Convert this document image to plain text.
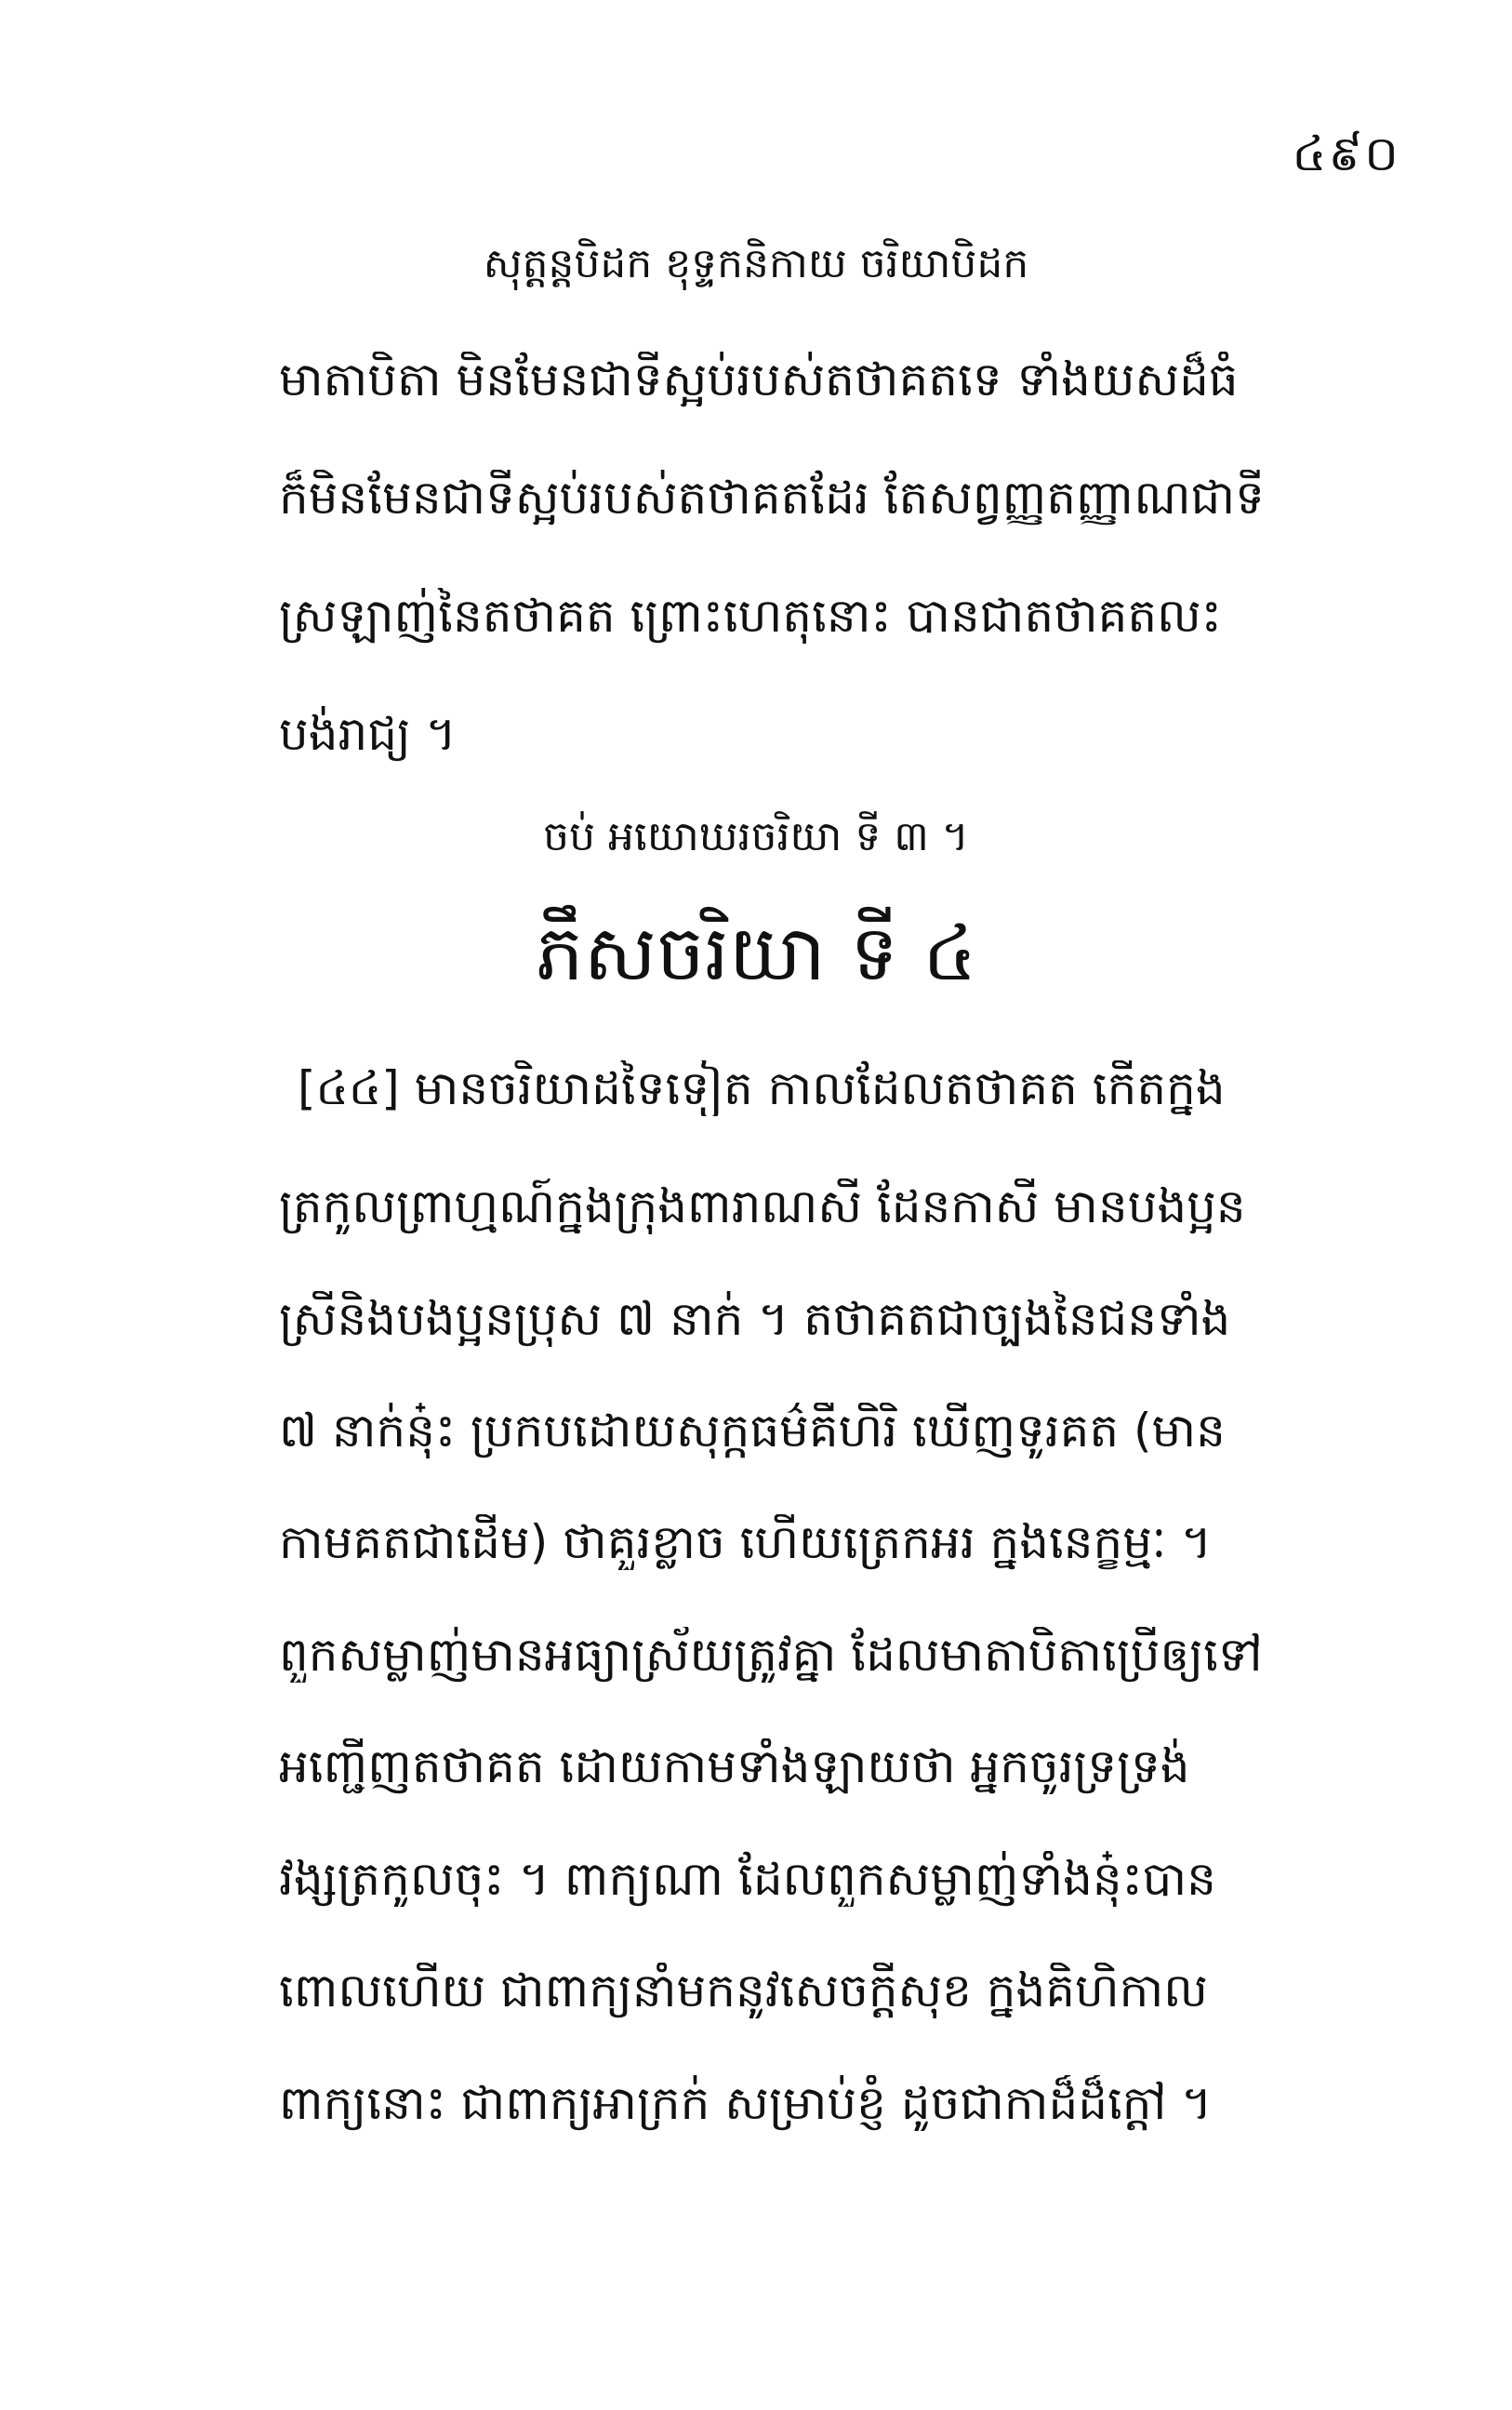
៤៩០
សុត្តន្តបិដក ខុទ្ទកនិកាយ ចរិយាបិដក
មាតាបិតា មិនមែនជាទីស្អប់របស់តថាគតទេ ទាំងយសដ៏ធំ
ក៏មិនមែនជាទីស្អប់របស់តថាគតដែរ តែសព្វញ្ញុតញ្ញាណជាទី
ស្រឡាញ់នៃតថាគត ព្រោះហេតុនោះ បានជាតថាគតលះ
បង់រាជ្យ ។
ចប់ អយោឃរចរិយា ទី ៣ ។
ភឹសចរិយា ទី ៤
[៤៤] មានចរិយាដទៃទៀត កាលដែលតថាគត កើតក្នុង
ត្រកូលព្រាហ្មណ៍ក្នុងក្រុងពារាណសី ដែនកាសី មានបងប្អូន
ស្រីនិងបងប្អូនប្រុស ៧ នាក់ ។ តថាគតជាច្បងនៃជនទាំង
៧ នាក់នុ៎ះ ប្រកបដោយសុក្កធម៌គឺហិរិ ឃើញទូរគត (មាន
កាមគតជាដើម) ថាគួរខ្លាច ហើយត្រេកអរ ក្នុងនេក្ខម្មៈ ។
ពួកសម្លាញ់មានអធ្យាស្រ័យត្រូវគ្នា ដែលមាតាបិតាប្រើឲ្យទៅ
អញ្ជើញតថាគត ដោយកាមទាំងឡាយថា អ្នកចូរទ្រទ្រង់
វង្សត្រកូលចុះ ។ ពាក្យណា ដែលពួកសម្លាញ់ទាំងនុ៎ះបាន
ពោលហើយ ជាពាក្យនាំមកនូវសេចក្តីសុខ ក្នុងគិហិកាល
ពាក្យនោះ ជាពាក្យអាក្រក់ សម្រាប់ខ្ញុំ ដូចជាកាដ៏ដ៏ក្ដៅ ។
